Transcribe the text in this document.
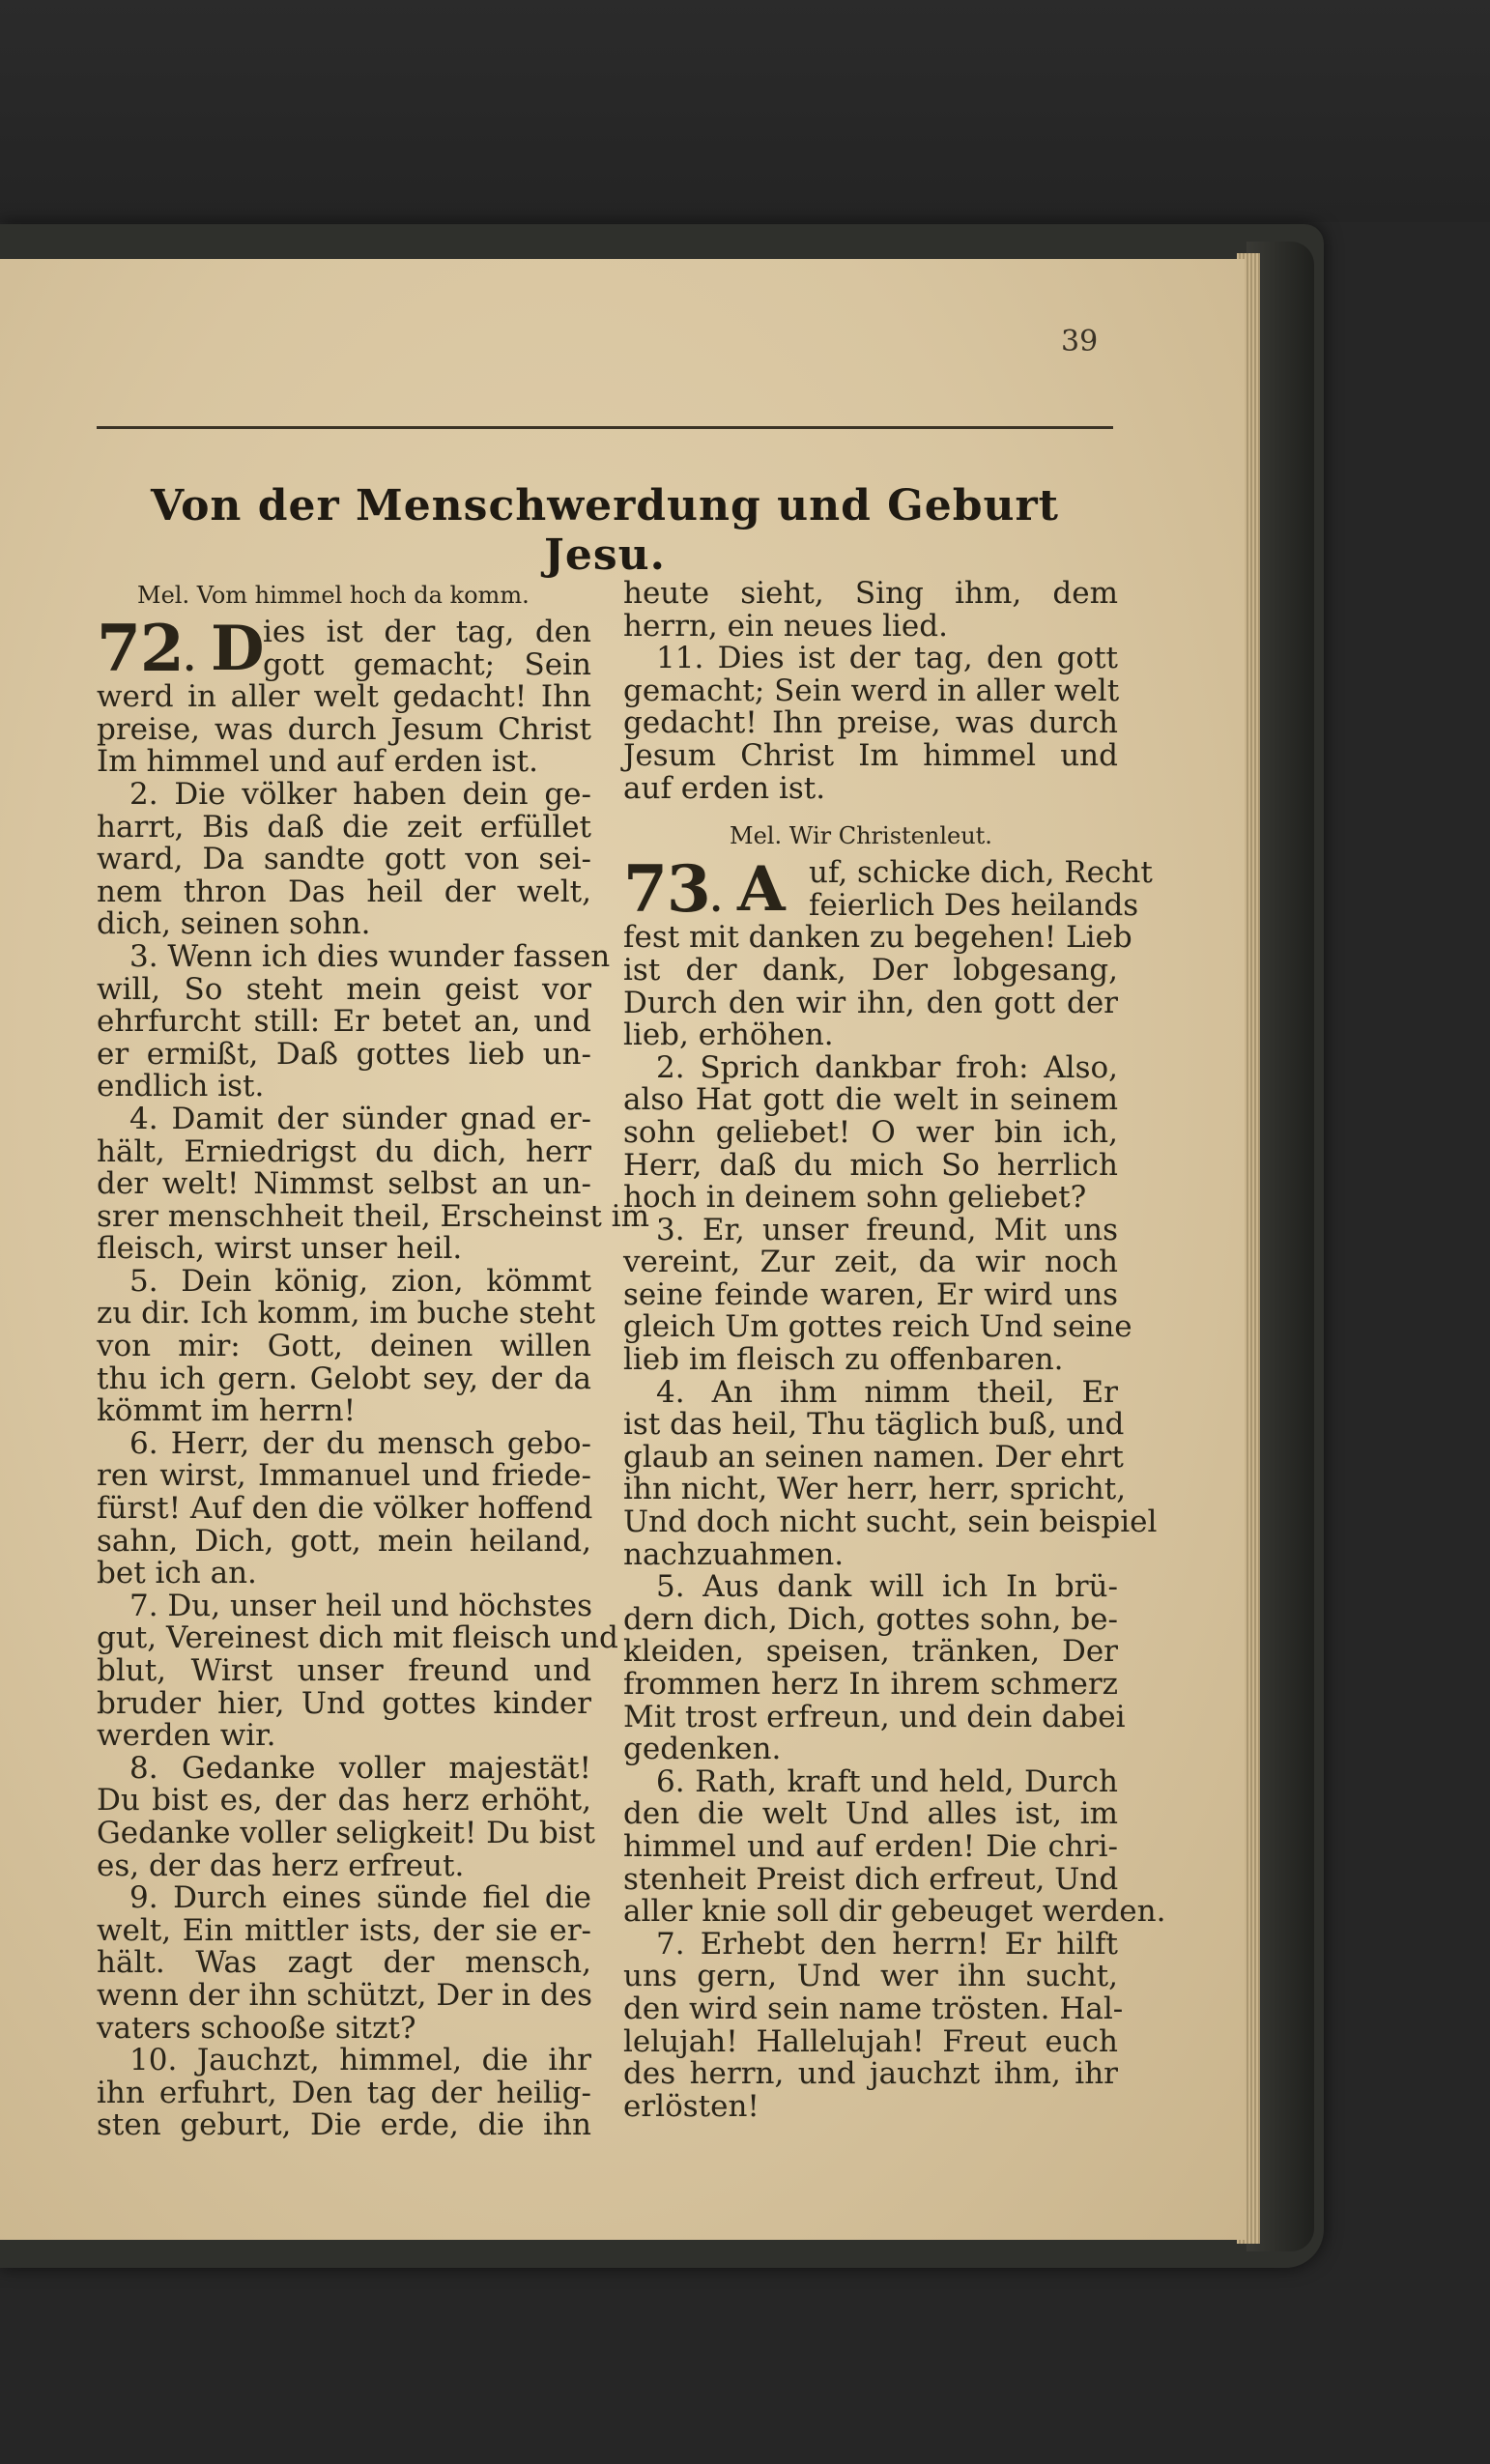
39
Von der Menschwerdung und Geburt Jesu.
Mel. Vom himmel hoch da komm.
72. D
ies ist der tag, den
gott gemacht; Sein
werd in aller welt gedacht! Ihn
preise, was durch Jesum Christ
Im himmel und auf erden ist.
2. Die völker haben dein ge-
harrt, Bis daß die zeit erfüllet
ward, Da sandte gott von sei-
nem thron Das heil der welt,
dich, seinen sohn.
3. Wenn ich dies wunder fassen
will, So steht mein geist vor
ehrfurcht still: Er betet an, und
er ermißt, Daß gottes lieb un-
endlich ist.
4. Damit der sünder gnad er-
hält, Erniedrigst du dich, herr
der welt! Nimmst selbst an un-
srer menschheit theil, Erscheinst im
fleisch, wirst unser heil.
5. Dein könig, zion, kömmt
zu dir. Ich komm, im buche steht
von mir: Gott, deinen willen
thu ich gern. Gelobt sey, der da
kömmt im herrn!
6. Herr, der du mensch gebo-
ren wirst, Immanuel und friede-
fürst! Auf den die völker hoffend
sahn, Dich, gott, mein heiland,
bet ich an.
7. Du, unser heil und höchstes
gut, Vereinest dich mit fleisch und
blut, Wirst unser freund und
bruder hier, Und gottes kinder
werden wir.
8. Gedanke voller majestät!
Du bist es, der das herz erhöht,
Gedanke voller seligkeit! Du bist
es, der das herz erfreut.
9. Durch eines sünde fiel die
welt, Ein mittler ists, der sie er-
hält. Was zagt der mensch,
wenn der ihn schützt, Der in des
vaters schooße sitzt?
10. Jauchzt, himmel, die ihr
ihn erfuhrt, Den tag der heilig-
sten geburt, Die erde, die ihn
heute sieht, Sing ihm, dem
herrn, ein neues lied.
11. Dies ist der tag, den gott
gemacht; Sein werd in aller welt
gedacht! Ihn preise, was durch
Jesum Christ Im himmel und
auf erden ist.
Mel. Wir Christenleut.
73. A uf, schicke dich, Recht
feierlich Des heilands
fest mit danken zu begehen! Lieb
ist der dank, Der lobgesang,
Durch den wir ihn, den gott der
lieb, erhöhen.
2. Sprich dankbar froh: Also,
also Hat gott die welt in seinem
sohn geliebet! O wer bin ich,
Herr, daß du mich So herrlich
hoch in deinem sohn geliebet?
3. Er, unser freund, Mit uns
vereint, Zur zeit, da wir noch
seine feinde waren, Er wird uns
gleich Um gottes reich Und seine
lieb im fleisch zu offenbaren.
4. An ihm nimm theil, Er
ist das heil, Thu täglich buß, und
glaub an seinen namen. Der ehrt
ihn nicht, Wer herr, herr, spricht,
Und doch nicht sucht, sein beispiel
nachzuahmen.
5. Aus dank will ich In brü-
dern dich, Dich, gottes sohn, be-
kleiden, speisen, tränken, Der
frommen herz In ihrem schmerz
Mit trost erfreun, und dein dabei
gedenken.
6. Rath, kraft und held, Durch
den die welt Und alles ist, im
himmel und auf erden! Die chri-
stenheit Preist dich erfreut, Und
aller knie soll dir gebeuget werden.
7. Erhebt den herrn! Er hilft
uns gern, Und wer ihn sucht,
den wird sein name trösten. Hal-
lelujah! Hallelujah! Freut euch
des herrn, und jauchzt ihm, ihr
erlösten!
